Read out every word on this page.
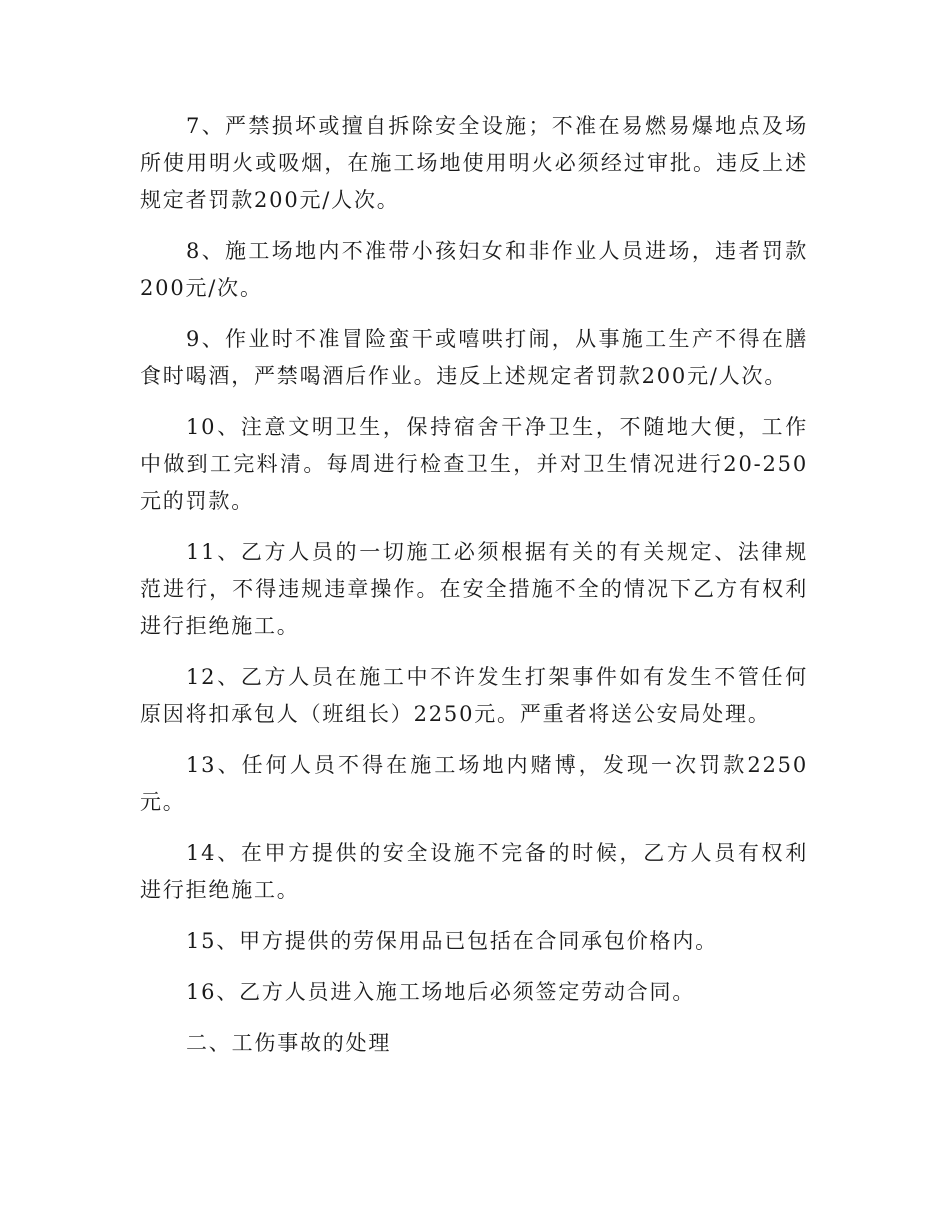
7、严禁损坏或擅自拆除安全设施；不准在易燃易爆地点及场所使用明火或吸烟，在施工场地使用明火必须经过审批。违反上述规定者罚款200元/人次。

8、施工场地内不准带小孩妇女和非作业人员进场，违者罚款200元/次。

9、作业时不准冒险蛮干或嘻哄打闹，从事施工生产不得在膳食时喝酒，严禁喝酒后作业。违反上述规定者罚款200元/人次。

10、注意文明卫生，保持宿舍干净卫生，不随地大便，工作中做到工完料清。每周进行检查卫生，并对卫生情况进行20-250元的罚款。

11、乙方人员的一切施工必须根据有关的有关规定、法律规范进行，不得违规违章操作。在安全措施不全的情况下乙方有权利进行拒绝施工。

12、乙方人员在施工中不许发生打架事件如有发生不管任何原因将扣承包人（班组长）2250元。严重者将送公安局处理。

13、任何人员不得在施工场地内赌博，发现一次罚款2250元。

14、在甲方提供的安全设施不完备的时候，乙方人员有权利进行拒绝施工。

15、甲方提供的劳保用品已包括在合同承包价格内。

16、乙方人员进入施工场地后必须签定劳动合同。

二、工伤事故的处理
